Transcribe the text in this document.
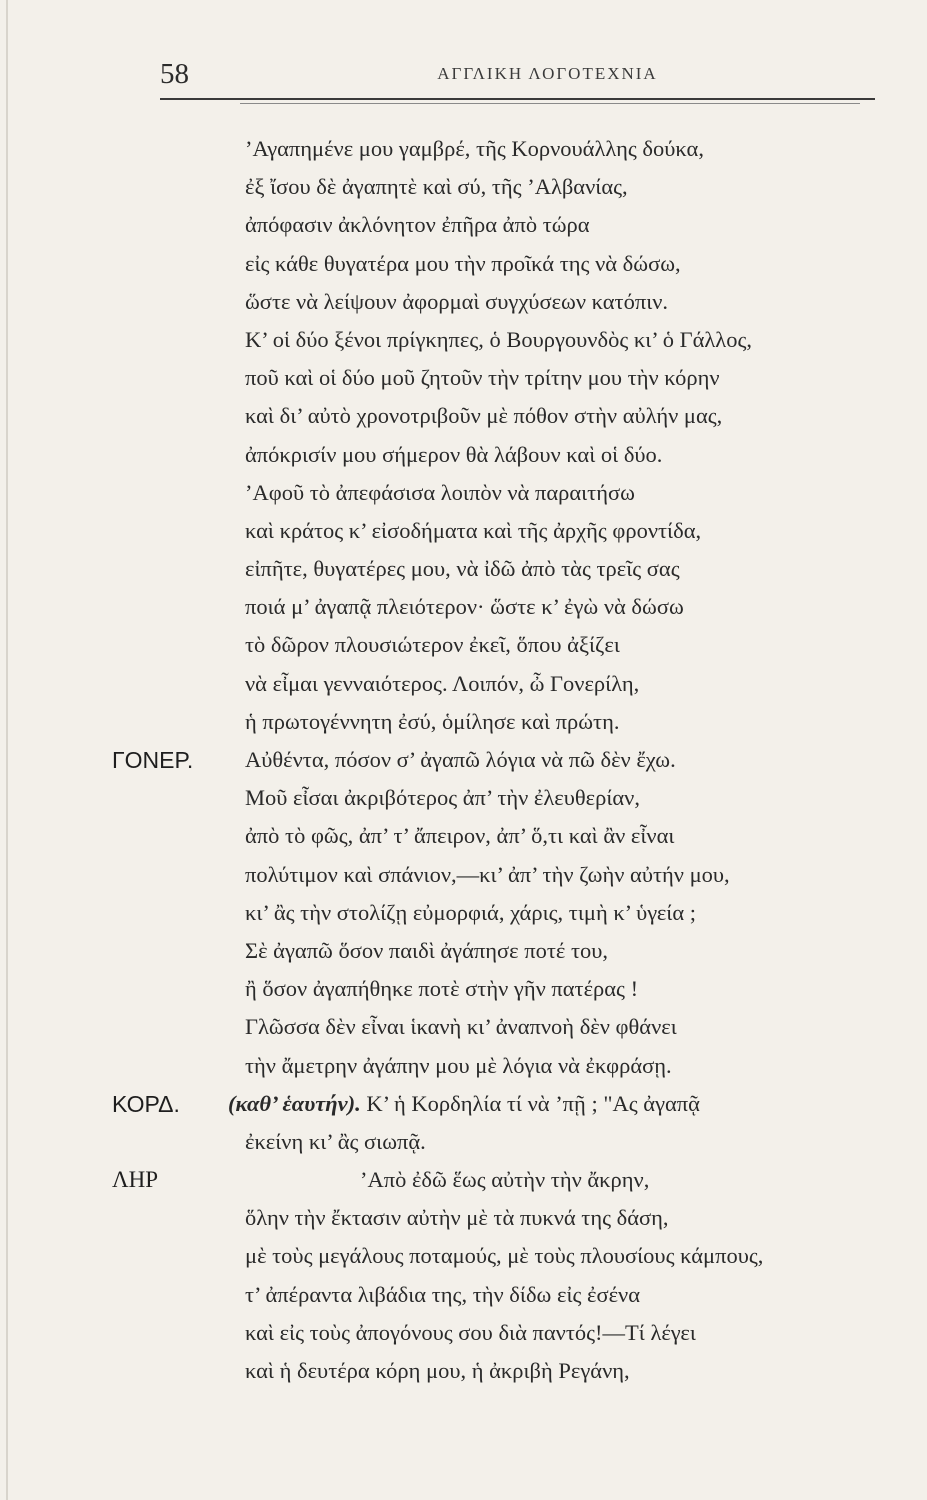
58	ΑΓΓΛΙΚΗ ΛΟΓΟΤΕΧΝΙΑ
’Αγαπημένε μου γαμβρέ, τῆς Κορνουάλλης δούκα,
ἐξ ἴσου δὲ ἀγαπητὲ καὶ σύ, τῆς ’Αλβανίας,
ἀπόφασιν ἀκλόνητον ἐπῆρα ἀπὸ τώρα
εἰς κάθε θυγατέρα μου τὴν προῖκά της νὰ δώσω,
ὥστε νὰ λείψουν ἀφορμαὶ συγχύσεων κατόπιν.
Κ’ οἱ δύο ξένοι πρίγκηπες, ὁ Βουργουνδὸς κι’ ὁ Γάλλος,
ποῦ καὶ οἱ δύο μοῦ ζητοῦν τὴν τρίτην μου τὴν κόρην
καὶ δι’ αὐτὸ χρονοτριβοῦν μὲ πόθον στὴν αὐλήν μας,
ἀπόκρισίν μου σήμερον θὰ λάβουν καὶ οἱ δύο.
’Αφοῦ τὸ ἀπεφάσισα λοιπὸν νὰ παραιτήσω
καὶ κράτος κ’ εἰσοδήματα καὶ τῆς ἀρχῆς φροντίδα,
εἰπῆτε, θυγατέρες μου, νὰ ἰδῶ ἀπὸ τὰς τρεῖς σας
ποιά μ’ ἀγαπᾷ πλειότερον· ὥστε κ’ ἐγὼ νὰ δώσω
τὸ δῶρον πλουσιώτερον ἐκεῖ, ὅπου ἀξίζει
νὰ εἶμαι γενναιότερος. Λοιπόν, ὦ Γονερίλη,
ἡ πρωτογέννητη ἐσύ, ὁμίλησε καὶ πρώτη.
ΓΟΝΕΡ. Αὐθέντα, πόσον σ’ ἀγαπῶ λόγια νὰ πῶ δὲν ἔχω.
Μοῦ εἶσαι ἀκριβότερος ἀπ’ τὴν ἐλευθερίαν,
ἀπὸ τὸ φῶς, ἀπ’ τ’ ἄπειρον, ἀπ’ ὅ,τι καὶ ἂν εἶναι
πολύτιμον καὶ σπάνιον,—κι’ ἀπ’ τὴν ζωὴν αὐτήν μου,
κι’ ἂς τὴν στολίζῃ εὐμορφιά, χάρις, τιμὴ κ’ ὑγεία ;
Σὲ ἀγαπῶ ὅσον παιδὶ ἀγάπησε ποτέ του,
ἢ ὅσον ἀγαπήθηκε ποτὲ στὴν γῆν πατέρας !
Γλῶσσα δὲν εἶναι ἱκανὴ κι’ ἀναπνοὴ δὲν φθάνει
τὴν ἄμετρην ἀγάπην μου μὲ λόγια νὰ ἐκφράσῃ.
ΚΟΡΔ. (καθ’ ἑαυτήν). Κ’ ἡ Κορδηλία τί νὰ ’πῇ ; "Ας ἀγαπᾷ
ἐκείνη κι’ ἂς σιωπᾷ.
ΛΗΡ	’Απὸ ἐδῶ ἕως αὐτὴν τὴν ἄκρην,
ὅλην τὴν ἔκτασιν αὐτὴν μὲ τὰ πυκνά της δάση,
μὲ τοὺς μεγάλους ποταμούς, μὲ τοὺς πλουσίους κάμπους,
τ’ ἀπέραντα λιβάδια της, τὴν δίδω εἰς ἐσένα
καὶ εἰς τοὺς ἀπογόνους σου διὰ παντός!—Τί λέγει
καὶ ἡ δευτέρα κόρη μου, ἡ ἀκριβὴ Ρεγάνη,
